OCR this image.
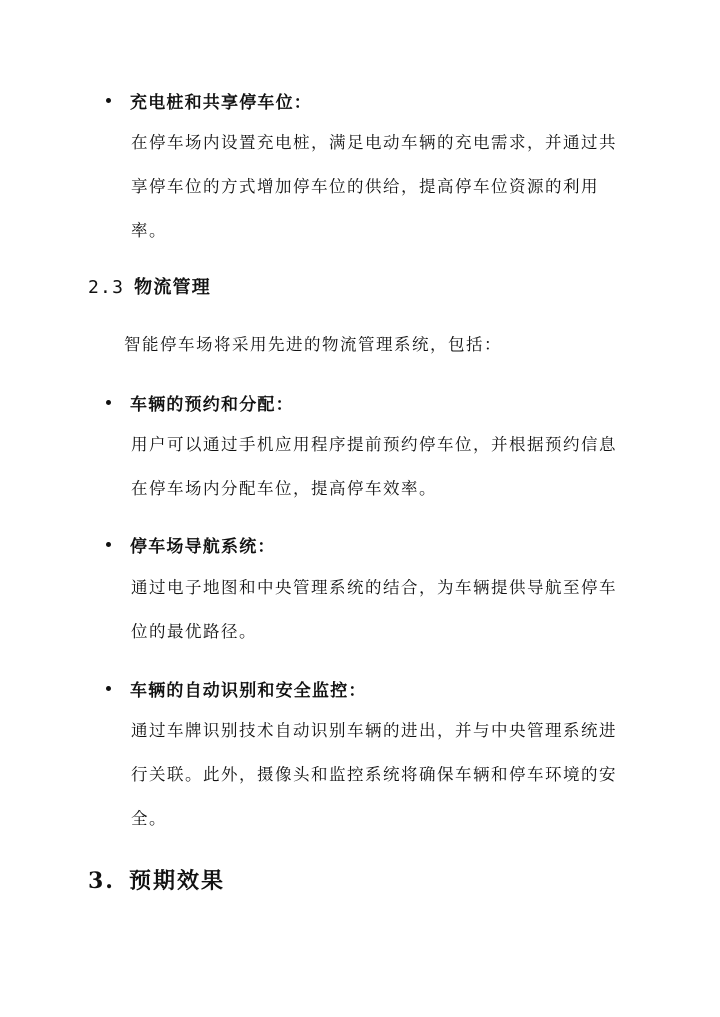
充电桩和共享停车位：

在停车场内设置充电桩，满足电动车辆的充电需求，并通过共享停车位的方式增加停车位的供给，提高停车位资源的利用率。

2.3 物流管理
智能停车场将采用先进的物流管理系统，包括：
车辆的预约和分配：

用户可以通过手机应用程序提前预约停车位，并根据预约信息在停车场内分配车位，提高停车效率。

停车场导航系统：

通过电子地图和中央管理系统的结合，为车辆提供导航至停车位的最优路径。

车辆的自动识别和安全监控：

通过车牌识别技术自动识别车辆的进出，并与中央管理系统进行关联。此外，摄像头和监控系统将确保车辆和停车环境的安全。

3. 预期效果
